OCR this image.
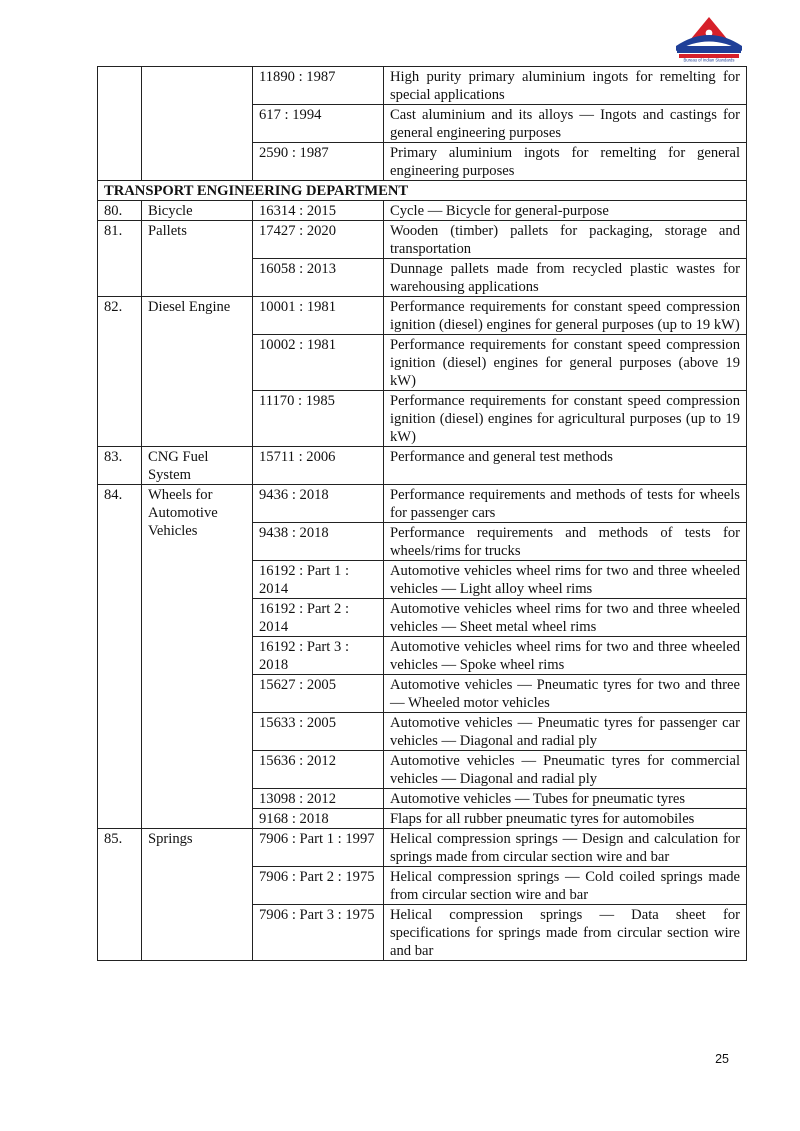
Bureau of Indian Standards
		11890 : 1987	High purity primary aluminium ingots for remelting for special applications
		617 : 1994	Cast aluminium and its alloys — Ingots and castings for general engineering purposes
		2590 : 1987	Primary aluminium ingots for remelting for general engineering purposes
TRANSPORT ENGINEERING DEPARTMENT			
80.	Bicycle	16314 : 2015	Cycle — Bicycle for general-purpose
81.	Pallets	17427 : 2020	Wooden (timber) pallets for packaging, storage and transportation
		16058 : 2013	Dunnage pallets made from recycled plastic wastes for warehousing applications
82.	Diesel Engine	10001 : 1981	Performance requirements for constant speed compression ignition (diesel) engines for general purposes (up to 19 kW)
		10002 : 1981	Performance requirements for constant speed compression ignition (diesel) engines for general purposes (above 19 kW)
		11170 : 1985	Performance requirements for constant speed compression ignition (diesel) engines for agricultural purposes (up to 19 kW)
83.	CNG Fuel System	15711 : 2006	Performance and general test methods
84.	Wheels for Automotive Vehicles	9436 : 2018	Performance requirements and methods of tests for wheels for passenger cars
		9438 : 2018	Performance requirements and methods of tests for wheels/rims for trucks
		16192 : Part 1 : 2014	Automotive vehicles wheel rims for two and three wheeled vehicles — Light alloy wheel rims
		16192 : Part 2 : 2014	Automotive vehicles wheel rims for two and three wheeled vehicles — Sheet metal wheel rims
		16192 : Part 3 : 2018	Automotive vehicles wheel rims for two and three wheeled vehicles — Spoke wheel rims
		15627 : 2005	Automotive vehicles — Pneumatic tyres for two and three — Wheeled motor vehicles
		15633 : 2005	Automotive vehicles — Pneumatic tyres for passenger car vehicles — Diagonal and radial ply
		15636 : 2012	Automotive vehicles — Pneumatic tyres for commercial vehicles — Diagonal and radial ply
		13098 : 2012	Automotive vehicles — Tubes for pneumatic tyres
		9168 : 2018	Flaps for all rubber pneumatic tyres for automobiles
85.	Springs	7906 : Part 1 : 1997	Helical compression springs — Design and calculation for springs made from circular section wire and bar
		7906 : Part 2 : 1975	Helical compression springs — Cold coiled springs made from circular section wire and bar
		7906 : Part 3 : 1975	Helical compression springs — Data sheet for specifications for springs made from circular section wire and bar
25
